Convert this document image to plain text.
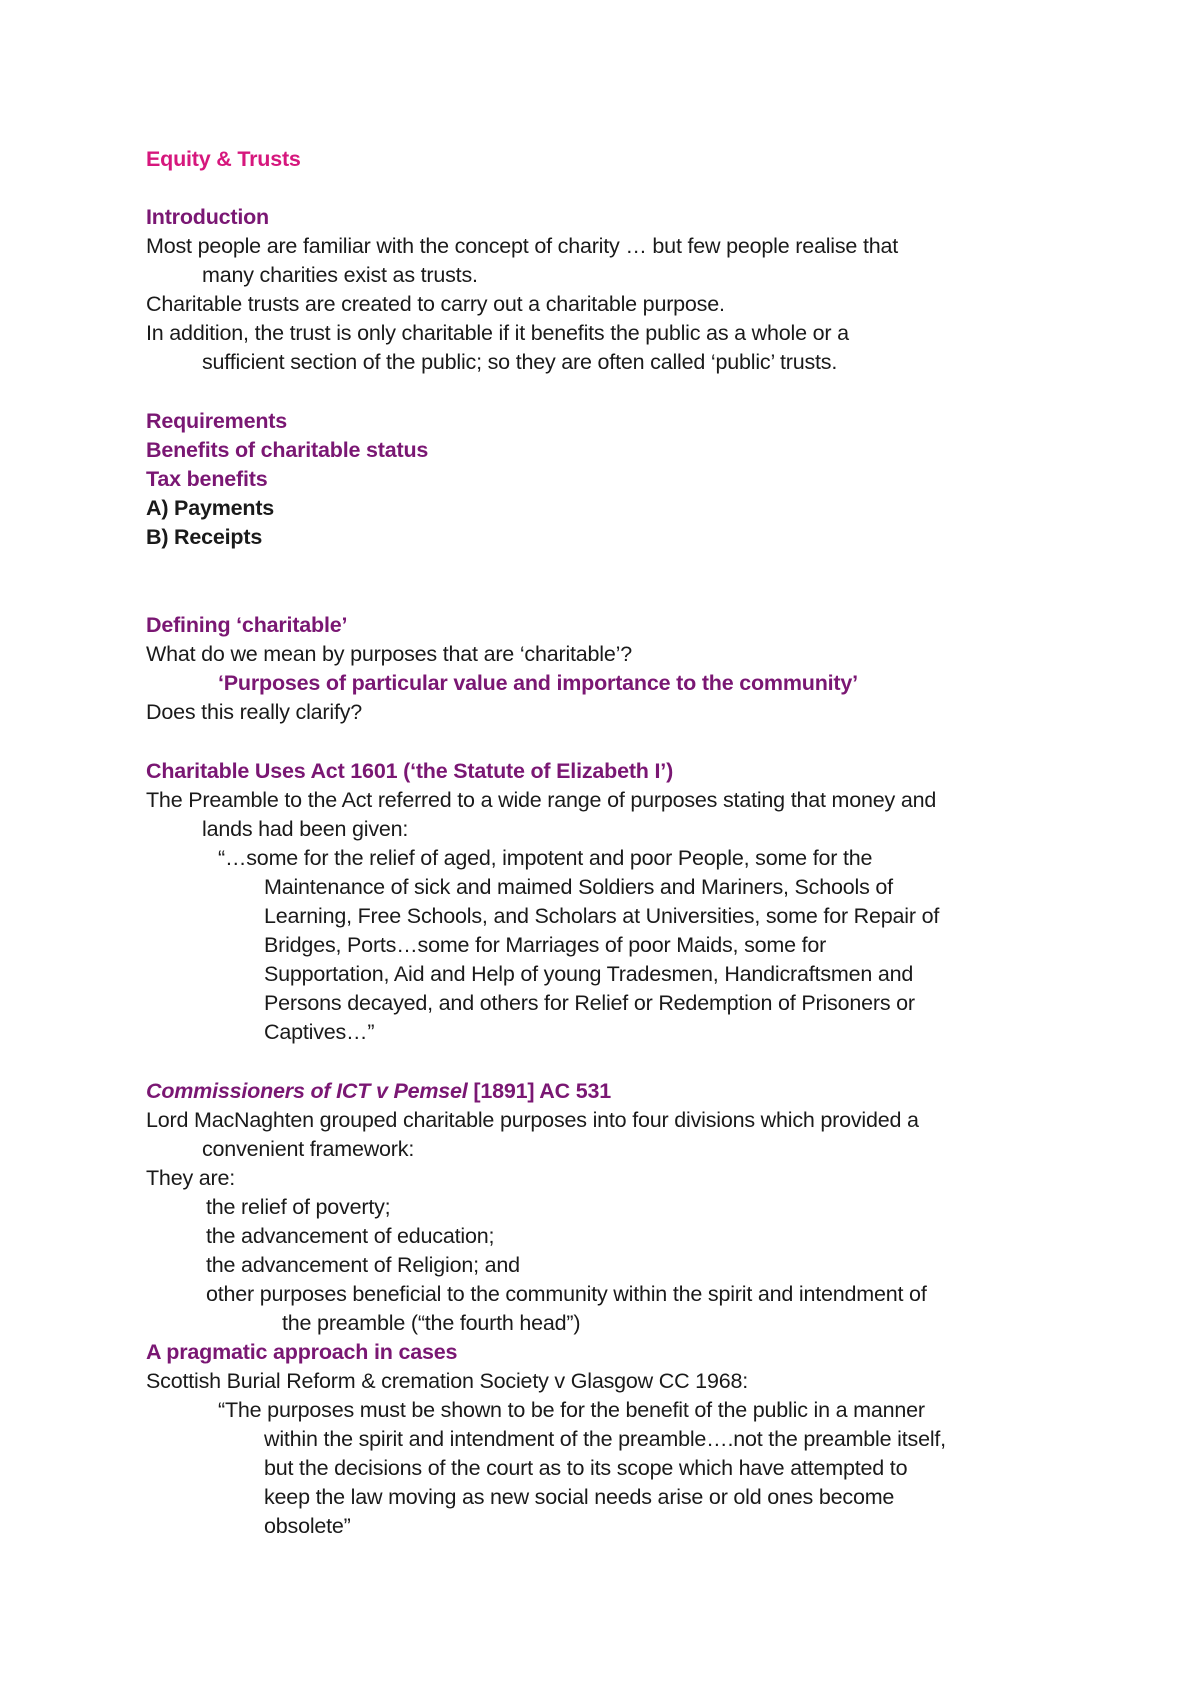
Equity & Trusts

Introduction

Most people are familiar with the concept of charity … but few people realise that

many charities exist as trusts.

Charitable trusts are created to carry out a charitable purpose.

In addition, the trust is only charitable if it benefits the public as a whole or a

sufficient section of the public; so they are often called ‘public’ trusts.

Requirements

Benefits of charitable status

Tax benefits

A) Payments

B) Receipts

Defining ‘charitable’

What do we mean by purposes that are ‘charitable’?

‘Purposes of particular value and importance to the community’

Does this really clarify?

Charitable Uses Act 1601 (‘the Statute of Elizabeth I’)

The Preamble to the Act referred to a wide range of purposes stating that money and

lands had been given:

“…some for the relief of aged, impotent and poor People, some for the

Maintenance of sick and maimed Soldiers and Mariners, Schools of

Learning, Free Schools, and Scholars at Universities, some for Repair of

Bridges, Ports…some for Marriages of poor Maids, some for

Supportation, Aid and Help of young Tradesmen, Handicraftsmen and

Persons decayed, and others for Relief or Redemption of Prisoners or

Captives…”

Commissioners of ICT v Pemsel [1891] AC 531

Lord MacNaghten grouped charitable purposes into four divisions which provided a

convenient framework:

They are:

the relief of poverty;

the advancement of education;

the advancement of Religion; and

other purposes beneficial to the community within the spirit and intendment of

the preamble (“the fourth head”)

A pragmatic approach in cases

Scottish Burial Reform & cremation Society v Glasgow CC 1968:

“The purposes must be shown to be for the benefit of the public in a manner

within the spirit and intendment of the preamble….not the preamble itself,

but the decisions of the court as to its scope which have attempted to

keep the law moving as new social needs arise or old ones become

obsolete”
